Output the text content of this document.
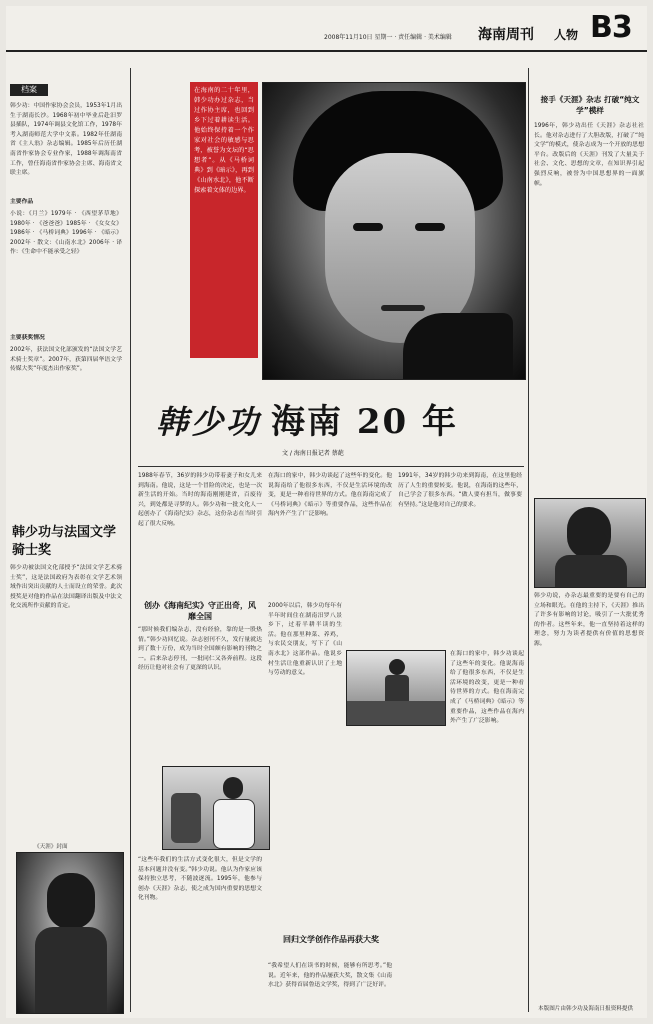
2008年11月10日 星期一 · 责任编辑 · 美术编辑 海南周刊 人物 B3
档案
韩少功：中国作家协会会员，1953年1月出生于湖南长沙。1968年初中毕业后赴汨罗县插队，1974年调县文化馆工作，1978年考入湖南师范大学中文系。1982年任湖南省《主人翁》杂志编辑。1985年后历任湖南省作家协会专业作家，1988年调海南省工作，曾任海南省作家协会主席、海南省文联主席。
主要作品
小说：《月兰》1979年 · 《西望茅草地》1980年 · 《爸爸爸》1985年 · 《女女女》1986年 · 《马桥词典》1996年 · 《暗示》2002年 · 散文：《山南水北》2006年 · 译作：《生命中不能承受之轻》
主要获奖情况
2002年，获法国文化部颁发的“法国文学艺术骑士奖章”。2007年，获第四届华语文学传媒大奖“年度杰出作家奖”。
韩少功与法国文学骑士奖
韩少功被法国文化部授予“法国文学艺术骑士奖”，这是法国政府为表彰在文学艺术领域作出突出贡献的人士而设立的荣誉。此次授奖是对他的作品在法国翻译出版及中法文化交流所作贡献的肯定。
《天涯》封面
在海南的二十年里，韩少功办过杂志，当过作协主席，也回到乡下过着耕读生活。他始终保持着一个作家对社会的敏感与思考，被誉为文坛的“思想者”。从《马桥词典》到《暗示》，再到《山南水北》，他不断探索着文体的边界。
韩少功 海南 20 年
文 / 海南日报记者 蔡葩
1988年春节，36岁的韩少功带着妻子和女儿来到海南。他说，这是一个冒险的决定，也是一次新生活的开始。当时的海南刚刚建省，百废待兴，到处都是寻梦的人。韩少功和一批文化人一起创办了《海南纪实》杂志，这份杂志在当时引起了很大反响。
创办《海南纪实》守正出奇，风靡全国
“那时候我们编杂志，没有经验，靠的是一股热情。”韩少功回忆说。杂志创刊不久，发行量就达到了数十万份，成为当时全国颇有影响的刊物之一。后来杂志停刊，一批同仁又各奔前程。这段经历让他对社会有了更深的认识。
“这些年我们的生活方式变化很大，但是文学的基本问题并没有变。”韩少功说。他认为作家应该保持独立思考，不随波逐流。1995年，他参与创办《天涯》杂志，使之成为国内重要的思想文化刊物。
在海口的家中，韩少功谈起了这些年的变化。他说海南给了他很多东西，不仅是生活环境的改变，更是一种看待世界的方式。他在海南完成了《马桥词典》《暗示》等重要作品，这些作品在海内外产生了广泛影响。
2000年以后，韩少功每年有半年时间住在湖南汨罗八景乡下，过着半耕半读的生活。他在那里种菜、养鸡，与农民交朋友，写下了《山南水北》这部作品。他说乡村生活让他重新认识了土地与劳动的意义。
回归文学创作作品再获大奖
“我希望人们在读书的时候，能够有所思考。”他说。近年来，他的作品屡获大奖，散文集《山南水北》获得首届鲁迅文学奖，得到了广泛好评。
1991年，34岁的韩少功来到海南，在这里他经历了人生的重要转变。他说，在海南的这些年，自己学会了很多东西。“做人要有担当，做事要有坚持。”这是他对自己的要求。
在海口的家中，韩少功谈起了这些年的变化。他说海南给了他很多东西，不仅是生活环境的改变，更是一种看待世界的方式。他在海南完成了《马桥词典》《暗示》等重要作品，这些作品在海内外产生了广泛影响。
接手《天涯》杂志 打破“纯文学”模样
1996年，韩少功出任《天涯》杂志社社长。他对杂志进行了大胆改版，打破了“纯文学”的模式，使杂志成为一个开放的思想平台。改版后的《天涯》刊发了大量关于社会、文化、思想的文章，在知识界引起强烈反响，被誉为中国思想界的一面旗帜。
韩少功说，办杂志最重要的是要有自己的立场和眼光。在他的主持下，《天涯》推出了许多有影响的讨论，吸引了一大批优秀的作者。这些年来，他一直坚持着这样的理念，努力为读者提供有价值的思想资源。
本版图片由韩少功及海南日报资料提供
